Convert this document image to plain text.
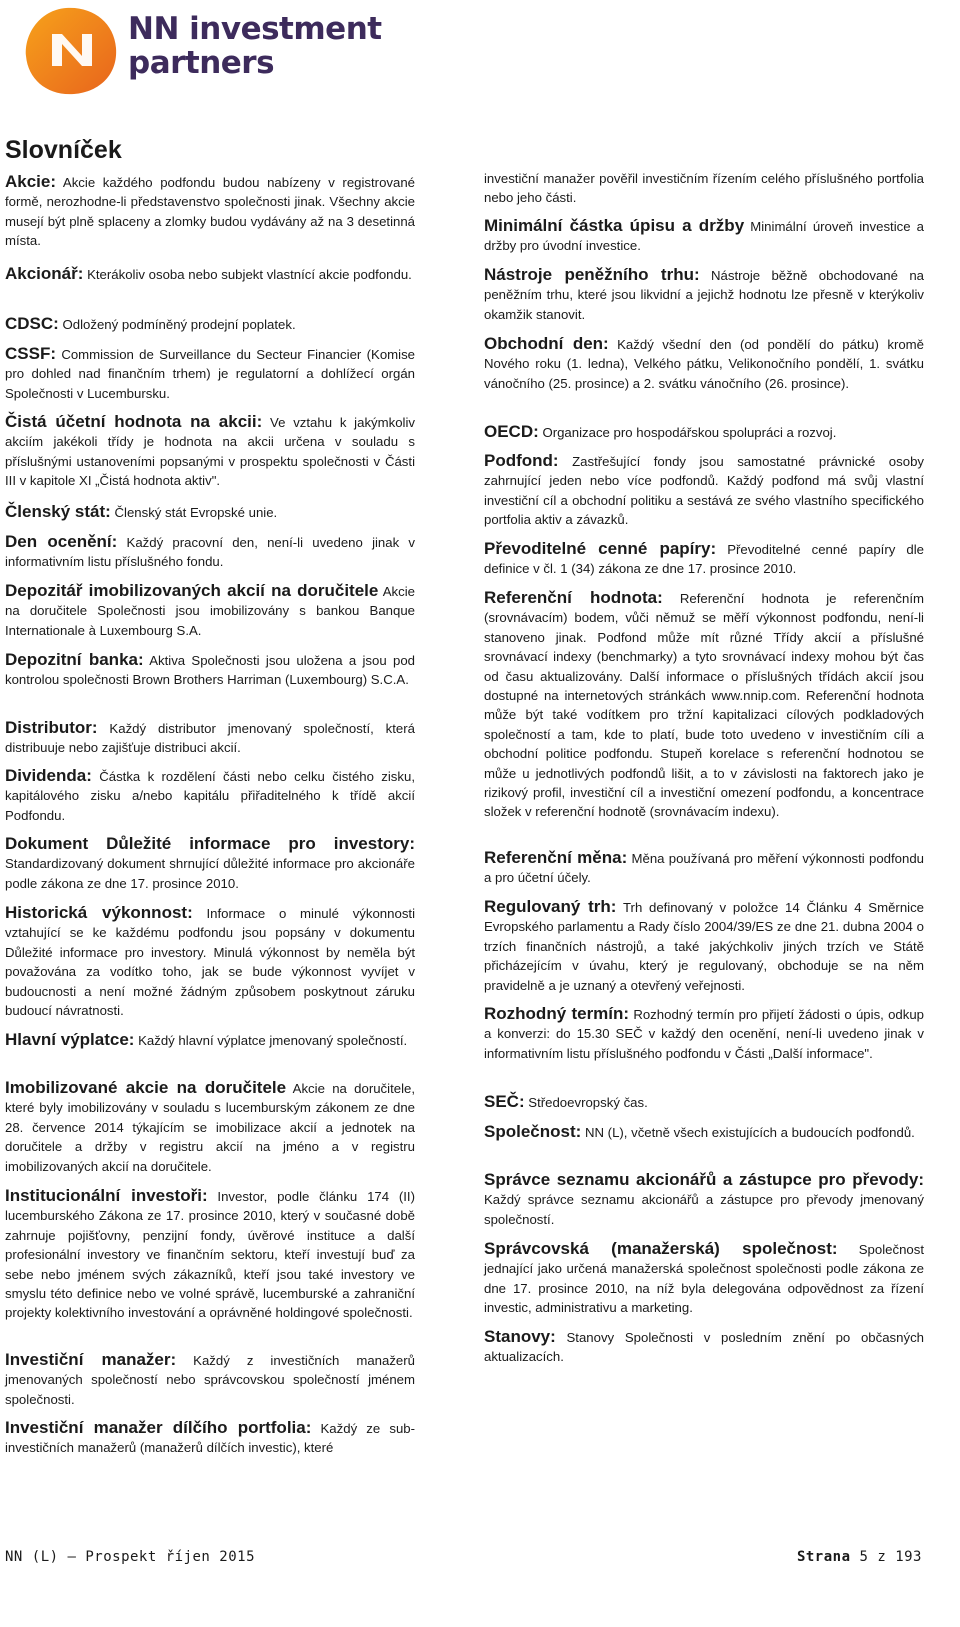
NN investment
partners
Slovníček

Akcie: Akcie každého podfondu budou nabízeny v registrované formě, nerozhodne-li představenstvo společnosti jinak. Všechny akcie musejí být plně splaceny a zlomky budou vydávány až na 3 desetinná místa.

Akcionář: Kterákoliv osoba nebo subjekt vlastnící akcie podfondu.

CDSC: Odložený podmíněný prodejní poplatek.

CSSF: Commission de Surveillance du Secteur Financier (Komise pro dohled nad finančním trhem) je regulatorní a dohlížecí orgán Společnosti v Lucembursku.

Čistá účetní hodnota na akcii: Ve vztahu k jakýmkoliv akciím jakékoli třídy je hodnota na akcii určena v souladu s příslušnými ustanoveními popsanými v prospektu společnosti v Části III v kapitole XI „Čistá hodnota aktiv".

Členský stát: Členský stát Evropské unie.

Den ocenění: Každý pracovní den, není-li uvedeno jinak v informativním listu příslušného fondu.

Depozitář imobilizovaných akcií na doručitele Akcie na doručitele Společnosti jsou imobilizovány s bankou Banque Internationale à Luxembourg S.A.

Depozitní banka: Aktiva Společnosti jsou uložena a jsou pod kontrolou společnosti Brown Brothers Harriman (Luxembourg) S.C.A.

Distributor: Každý distributor jmenovaný společností, která distribuuje nebo zajišťuje distribuci akcií.

Dividenda: Částka k rozdělení části nebo celku čistého zisku, kapitálového zisku a/nebo kapitálu přiřaditelného k třídě akcií Podfondu.

Dokument Důležité informace pro investory: Standardizovaný dokument shrnující důležité informace pro akcionáře podle zákona ze dne 17. prosince 2010.

Historická výkonnost: Informace o minulé výkonnosti vztahující se ke každému podfondu jsou popsány v dokumentu Důležité informace pro investory. Minulá výkonnost by neměla být považována za vodítko toho, jak se bude výkonnost vyvíjet v budoucnosti a není možné žádným způsobem poskytnout záruku budoucí návratnosti.

Hlavní výplatce: Každý hlavní výplatce jmenovaný společností.

Imobilizované akcie na doručitele Akcie na doručitele, které byly imobilizovány v souladu s lucemburským zákonem ze dne 28. července 2014 týkajícím se imobilizace akcií a jednotek na doručitele a držby v registru akcií na jméno a v registru imobilizovaných akcií na doručitele.

Institucionální investoři: Investor, podle článku 174 (II) lucemburského Zákona ze 17. prosince 2010, který v současné době zahrnuje pojišťovny, penzijní fondy, úvěrové instituce a další profesionální investory ve finančním sektoru, kteří investují buď za sebe nebo jménem svých zákazníků, kteří jsou také investory ve smyslu této definice nebo ve volné správě, lucemburské a zahraniční projekty kolektivního investování a oprávněné holdingové společnosti.

Investiční manažer: Každý z investičních manažerů jmenovaných společností nebo správcovskou společností jménem společnosti.

Investiční manažer dílčího portfolia: Každý ze sub-investičních manažerů (manažerů dílčích investic), které

investiční manažer pověřil investičním řízením celého příslušného portfolia nebo jeho části.

Minimální částka úpisu a držby Minimální úroveň investice a držby pro úvodní investice.

Nástroje peněžního trhu: Nástroje běžně obchodované na peněžním trhu, které jsou likvidní a jejichž hodnotu lze přesně v kterýkoliv okamžik stanovit.

Obchodní den: Každý všední den (od pondělí do pátku) kromě Nového roku (1. ledna), Velkého pátku, Velikonočního pondělí, 1. svátku vánočního (25. prosince) a 2. svátku vánočního (26. prosince).

OECD: Organizace pro hospodářskou spolupráci a rozvoj.

Podfond: Zastřešující fondy jsou samostatné právnické osoby zahrnující jeden nebo více podfondů. Každý podfond má svůj vlastní investiční cíl a obchodní politiku a sestává ze svého vlastního specifického portfolia aktiv a závazků.

Převoditelné cenné papíry: Převoditelné cenné papíry dle definice v čl. 1 (34) zákona ze dne 17. prosince 2010.

Referenční hodnota: Referenční hodnota je referenčním (srovnávacím) bodem, vůči němuž se měří výkonnost podfondu, není-li stanoveno jinak. Podfond může mít různé Třídy akcií a příslušné srovnávací indexy (benchmarky) a tyto srovnávací indexy mohou být čas od času aktualizovány. Další informace o příslušných třídách akcií jsou dostupné na internetových stránkách www.nnip.com. Referenční hodnota může být také vodítkem pro tržní kapitalizaci cílových podkladových společností a tam, kde to platí, bude toto uvedeno v investičním cíli a obchodní politice podfondu. Stupeň korelace s referenční hodnotou se může u jednotlivých podfondů lišit, a to v závislosti na faktorech jako je rizikový profil, investiční cíl a investiční omezení podfondu, a koncentrace složek v referenční hodnotě (srovnávacím indexu).

Referenční měna: Měna používaná pro měření výkonnosti podfondu a pro účetní účely.

Regulovaný trh: Trh definovaný v položce 14 Článku 4 Směrnice Evropského parlamentu a Rady číslo 2004/39/ES ze dne 21. dubna 2004 o trzích finančních nástrojů, a také jakýchkoliv jiných trzích ve Státě přicházejícím v úvahu, který je regulovaný, obchoduje se na něm pravidelně a je uznaný a otevřený veřejnosti.

Rozhodný termín: Rozhodný termín pro přijetí žádosti o úpis, odkup a konverzi: do 15.30 SEČ v každý den ocenění, není-li uvedeno jinak v informativním listu příslušného podfondu v Části „Další informace".

SEČ: Středoevropský čas.

Společnost: NN (L), včetně všech existujících a budoucích podfondů.

Správce seznamu akcionářů a zástupce pro převody: Každý správce seznamu akcionářů a zástupce pro převody jmenovaný společností.

Správcovská (manažerská) společnost: Společnost jednající jako určená manažerská společnost společnosti podle zákona ze dne 17. prosince 2010, na níž byla delegována odpovědnost za řízení investic, administrativu a marketing.

Stanovy: Stanovy Společnosti v posledním znění po občasných aktualizacích.

NN (L) – Prospekt říjen 2015	Strana 5 z 193
